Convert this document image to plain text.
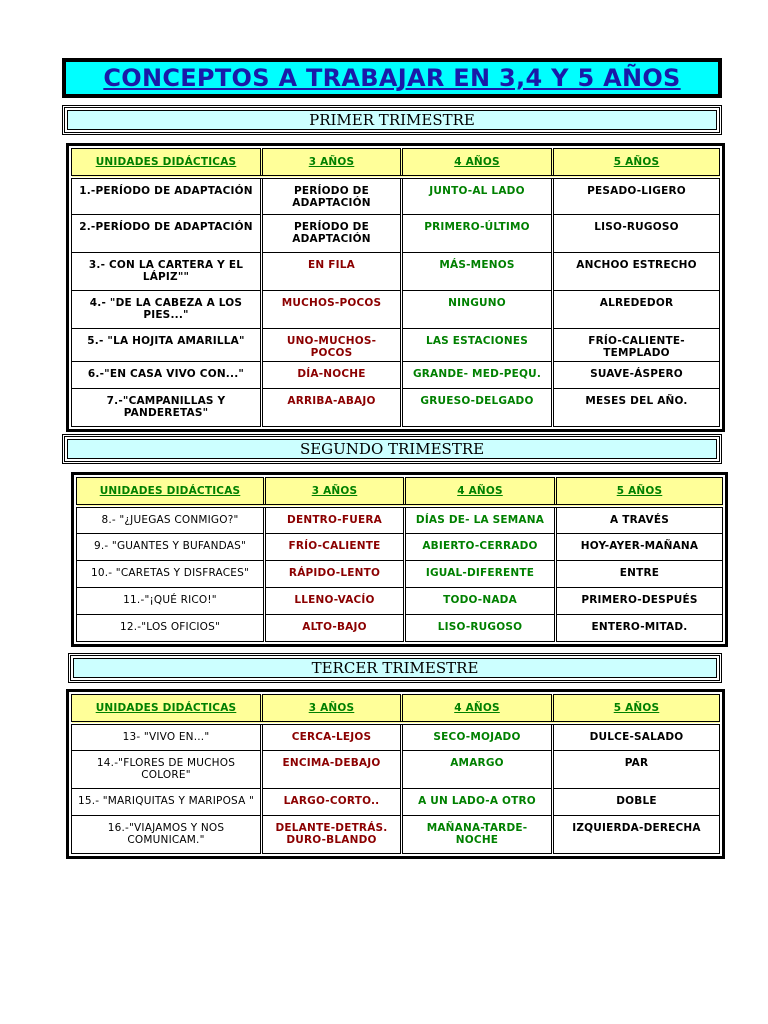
CONCEPTOS A TRABAJAR EN 3,4 Y 5 AÑOS
PRIMER TRIMESTRE
UNIDADES DIDÁCTICAS	3 AÑOS	4 AÑOS	5 AÑOS
1.-PERÍODO DE ADAPTACIÓN	PERÍODO DE ADAPTACIÓN	JUNTO-AL LADO	PESADO-LIGERO
2.-PERÍODO DE ADAPTACIÓN	PERÍODO DE ADAPTACIÓN	PRIMERO-ÚLTIMO	LISO-RUGOSO
3.- CON LA CARTERA Y EL LÁPIZ""	EN FILA	MÁS-MENOS	ANCHOO ESTRECHO
4.- "DE LA CABEZA A LOS PIES..."	MUCHOS-POCOS	NINGUNO	ALREDEDOR
5.- "LA HOJITA AMARILLA"	UNO-MUCHOS-POCOS	LAS ESTACIONES	FRÍO-CALIENTE-TEMPLADO
6.-"EN CASA VIVO CON..."	DÍA-NOCHE	GRANDE- MED-PEQU.	SUAVE-ÁSPERO
7.-"CAMPANILLAS Y PANDERETAS"	ARRIBA-ABAJO	GRUESO-DELGADO	MESES DEL AÑO.
SEGUNDO TRIMESTRE
UNIDADES DIDÁCTICAS	3 AÑOS	4 AÑOS	5 AÑOS
8.- "¿JUEGAS CONMIGO?"	DENTRO-FUERA	DÍAS DE- LA SEMANA	A TRAVÉS
9.- "GUANTES Y BUFANDAS"	FRÍO-CALIENTE	ABIERTO-CERRADO	HOY-AYER-MAÑANA
10.- "CARETAS Y DISFRACES"	RÁPIDO-LENTO	IGUAL-DIFERENTE	ENTRE
11.-"¡QUÉ RICO!"	LLENO-VACÍO	TODO-NADA	PRIMERO-DESPUÉS
12.-"LOS OFICIOS"	ALTO-BAJO	LISO-RUGOSO	ENTERO-MITAD.
TERCER TRIMESTRE
UNIDADES DIDÁCTICAS	3 AÑOS	4 AÑOS	5 AÑOS
13- "VIVO EN..."	CERCA-LEJOS	SECO-MOJADO	DULCE-SALADO
14.-"FLORES DE MUCHOS COLORE"	ENCIMA-DEBAJO	AMARGO	PAR
15.- "MARIQUITAS Y MARIPOSA "	LARGO-CORTO..	A UN LADO-A OTRO	DOBLE
16.-"VIAJAMOS Y NOS COMUNICAM."	DELANTE-DETRÁS. DURO-BLANDO	MAÑANA-TARDE-NOCHE	IZQUIERDA-DERECHA
